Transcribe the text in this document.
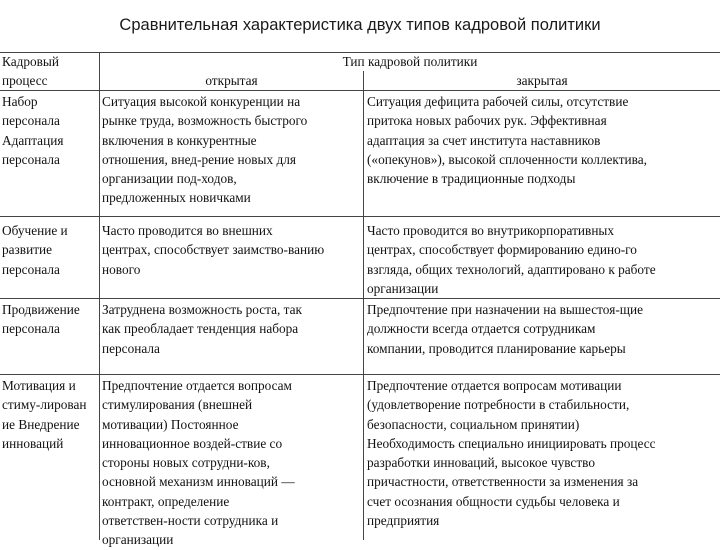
Сравнительная характеристика двух типов кадровой политики
Кадровый
процесс
Тип кадровой политики
открытая	закрытая
Набор
персонала
Адаптация
персонала
Ситуация высокой конкуренции на
рынке труда, возможность быстрого
включения в конкурентные
отношения, внед-рение новых для
организации под-ходов,
предложенных новичками
Ситуация дефицита рабочей силы, отсутствие
притока новых рабочих рук. Эффективная
адаптация за счет института наставников
(«опекунов»), высокой сплоченности коллектива,
включение в традиционные подходы
Обучение и
развитие
персонала
Часто проводится во внешних
центрах, способствует заимство-ванию
нового
Часто проводится во внутрикорпоративных
центрах, способствует формированию едино-го
взгляда, общих технологий, адаптировано к работе
организации
Продвижение
персонала
Затруднена возможность роста, так
как преобладает тенденция набора
персонала
Предпочтение при назначении на вышестоя-щие
должности всегда отдается сотрудникам
компании, проводится планирование карьеры
Мотивация и
стиму-лирован
ие Внедрение
инноваций
Предпочтение отдается вопросам
стимулирования (внешней
мотивации) Постоянное
инновационное воздей-ствие со
стороны новых сотрудни-ков,
основной механизм инноваций —
контракт, определение
ответствен-ности сотрудника и
организации
Предпочтение отдается вопросам мотивации
(удовлетворение потребности в стабильности,
безопасности, социальном принятии)
Необходимость специально инициировать процесс
разработки инноваций, высокое чувство
причастности, ответственности за изменения за
счет осознания общности судьбы человека и
предприятия
